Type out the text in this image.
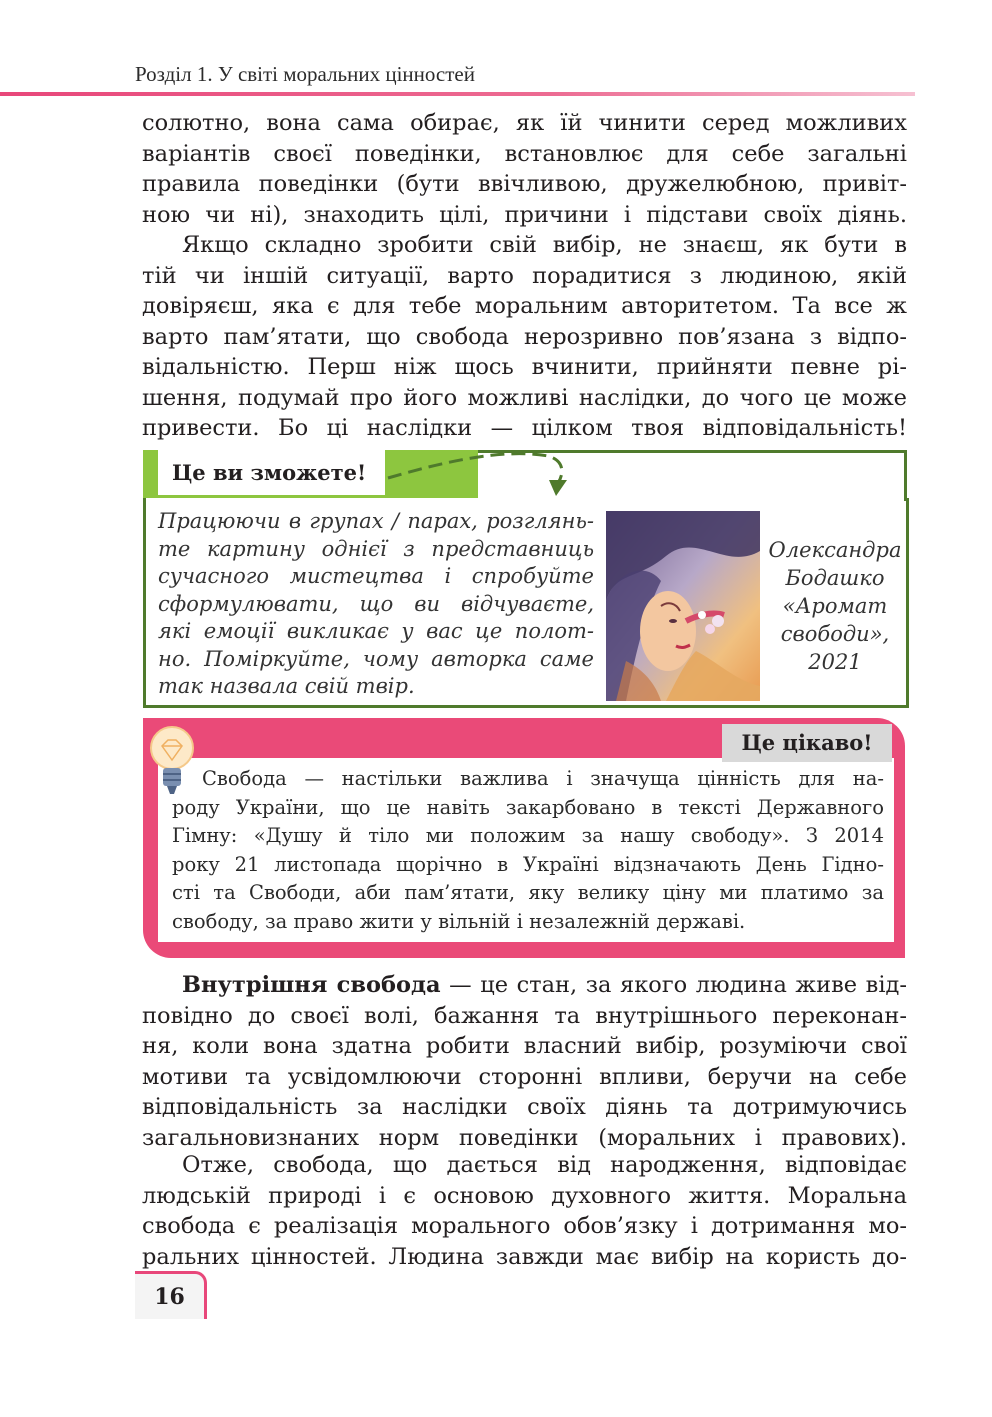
Розділ 1. У світі моральних цінностей
солютно, вона сама обирає, як їй чинити серед можливих
варіантів своєї поведінки, встановлює для себе загальні
правила поведінки (бути ввічливою, дружелюбною, привіт-
ною чи ні), знаходить цілі, причини і підстави своїх діянь.
Якщо складно зробити свій вибір, не знаєш, як бути в
тій чи іншій ситуації, варто порадитися з людиною, якій
довіряєш, яка є для тебе моральним авторитетом. Та все ж
варто пам’ятати, що свобода нерозривно пов’язана з відпо-
відальністю. Перш ніж щось вчинити, прийняти певне рі-
шення, подумай про його можливі наслідки, до чого це може
привести. Бо ці наслідки — цілком твоя відповідальність!
Це ви зможете!
Працюючи в групах / парах, розглянь-
те картину однієї з представниць
сучасного мистецтва і спробуйте
сформулювати, що ви відчуваєте,
які емоції викликає у вас це полот-
но. Поміркуйте, чому авторка саме
так назвала свій твір.
Олександра
Бодашко
«Аромат
свободи»,
2021
Це цікаво!
Свобода — настільки важлива і значуща цінність для на-
роду України, що це навіть закарбовано в тексті Державного
Гімну: «Душу й тіло ми положим за нашу свободу». З 2014
року 21 листопада щорічно в Україні відзначають День Гідно-
сті та Свободи, аби пам’ятати, яку велику ціну ми платимо за
свободу, за право жити у вільній і незалежній державі.
Внутрішня свобода — це стан, за якого людина живе від-
повідно до своєї волі, бажання та внутрішнього переконан-
ня, коли вона здатна робити власний вибір, розуміючи свої
мотиви та усвідомлюючи сторонні впливи, беручи на себе
відповідальність за наслідки своїх діянь та дотримуючись
загальновизнаних норм поведінки (моральних і правових).
Отже, свобода, що дається від народження, відповідає
людській природі і є основою духовного життя. Моральна
свобода є реалізація морального обов’язку і дотримання мо-
ральних цінностей. Людина завжди має вибір на користь до-
16
